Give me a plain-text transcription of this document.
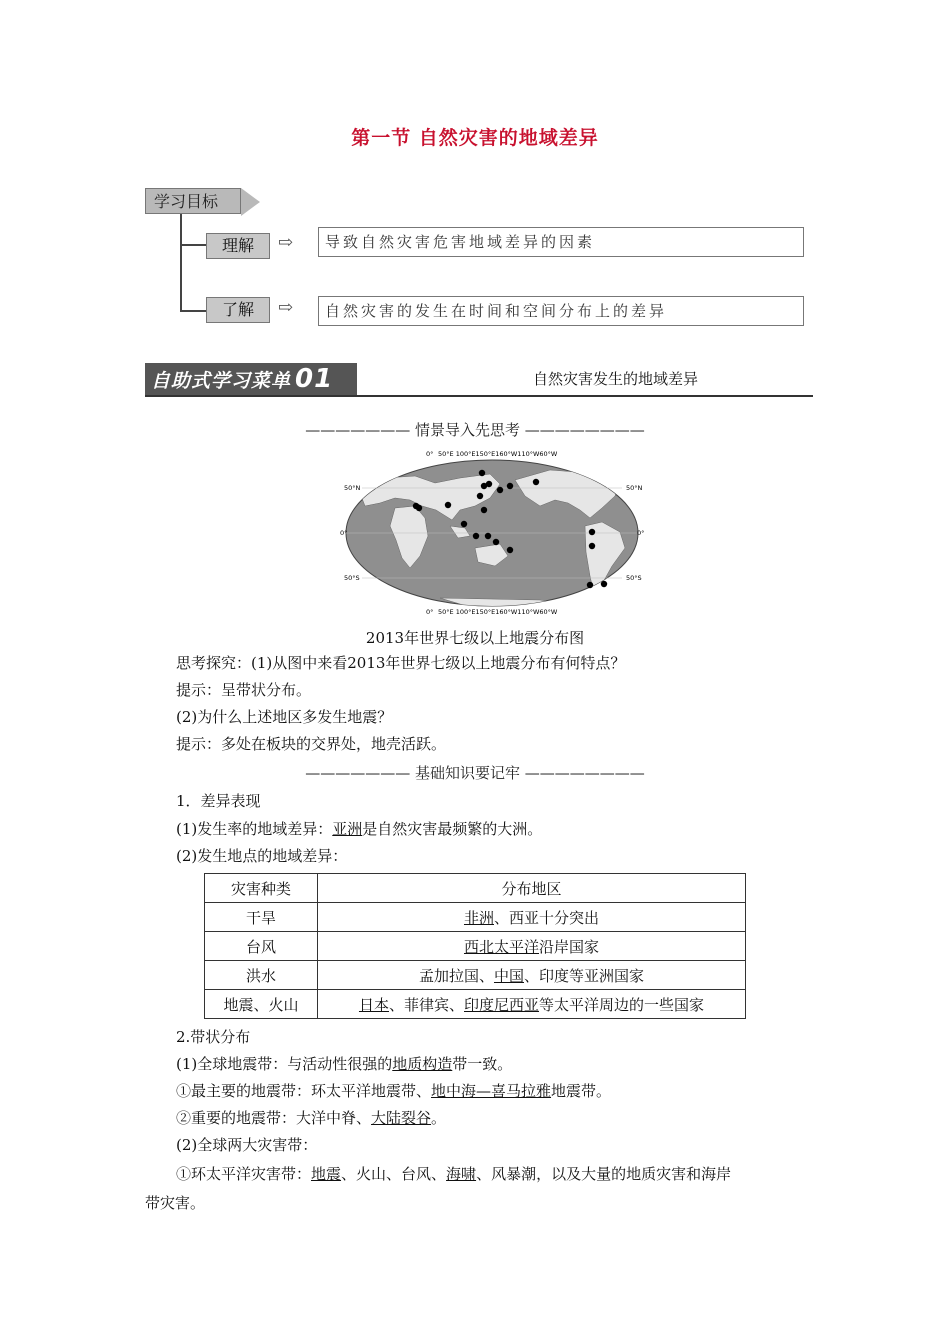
第一节 自然灾害的地域差异
学习目标
理解	⇨	导致自然灾害危害地域差异的因素
了解	⇨	自然灾害的发生在时间和空间分布上的差异
自助式学习菜单 01	自然灾害发生的地域差异
——————— 情景导入先思考 ————————
0° 50°E 100°E150°E160°W110°W60°W
0° 50°E 100°E150°E160°W110°W60°W
50°N
0°
50°S
50°N
0°
50°S
2013年世界七级以上地震分布图
思考探究：(1)从图中来看2013年世界七级以上地震分布有何特点？
提示：呈带状分布。
(2)为什么上述地区多发生地震？
提示：多处在板块的交界处，地壳活跃。
——————— 基础知识要记牢 ————————
1．差异表现
(1)发生率的地域差异：亚洲是自然灾害最频繁的大洲。
(2)发生地点的地域差异：
灾害种类	分布地区
干旱	非洲、西亚十分突出
台风	西北太平洋沿岸国家
洪水	孟加拉国、中国、印度等亚洲国家
地震、火山	日本、菲律宾、印度尼西亚等太平洋周边的一些国家
2.带状分布
(1)全球地震带：与活动性很强的地质构造带一致。
①最主要的地震带：环太平洋地震带、地中海—喜马拉雅地震带。
②重要的地震带：大洋中脊、大陆裂谷。
(2)全球两大灾害带：
①环太平洋灾害带：地震、火山、台风、海啸、风暴潮，以及大量的地质灾害和海岸
带灾害。
